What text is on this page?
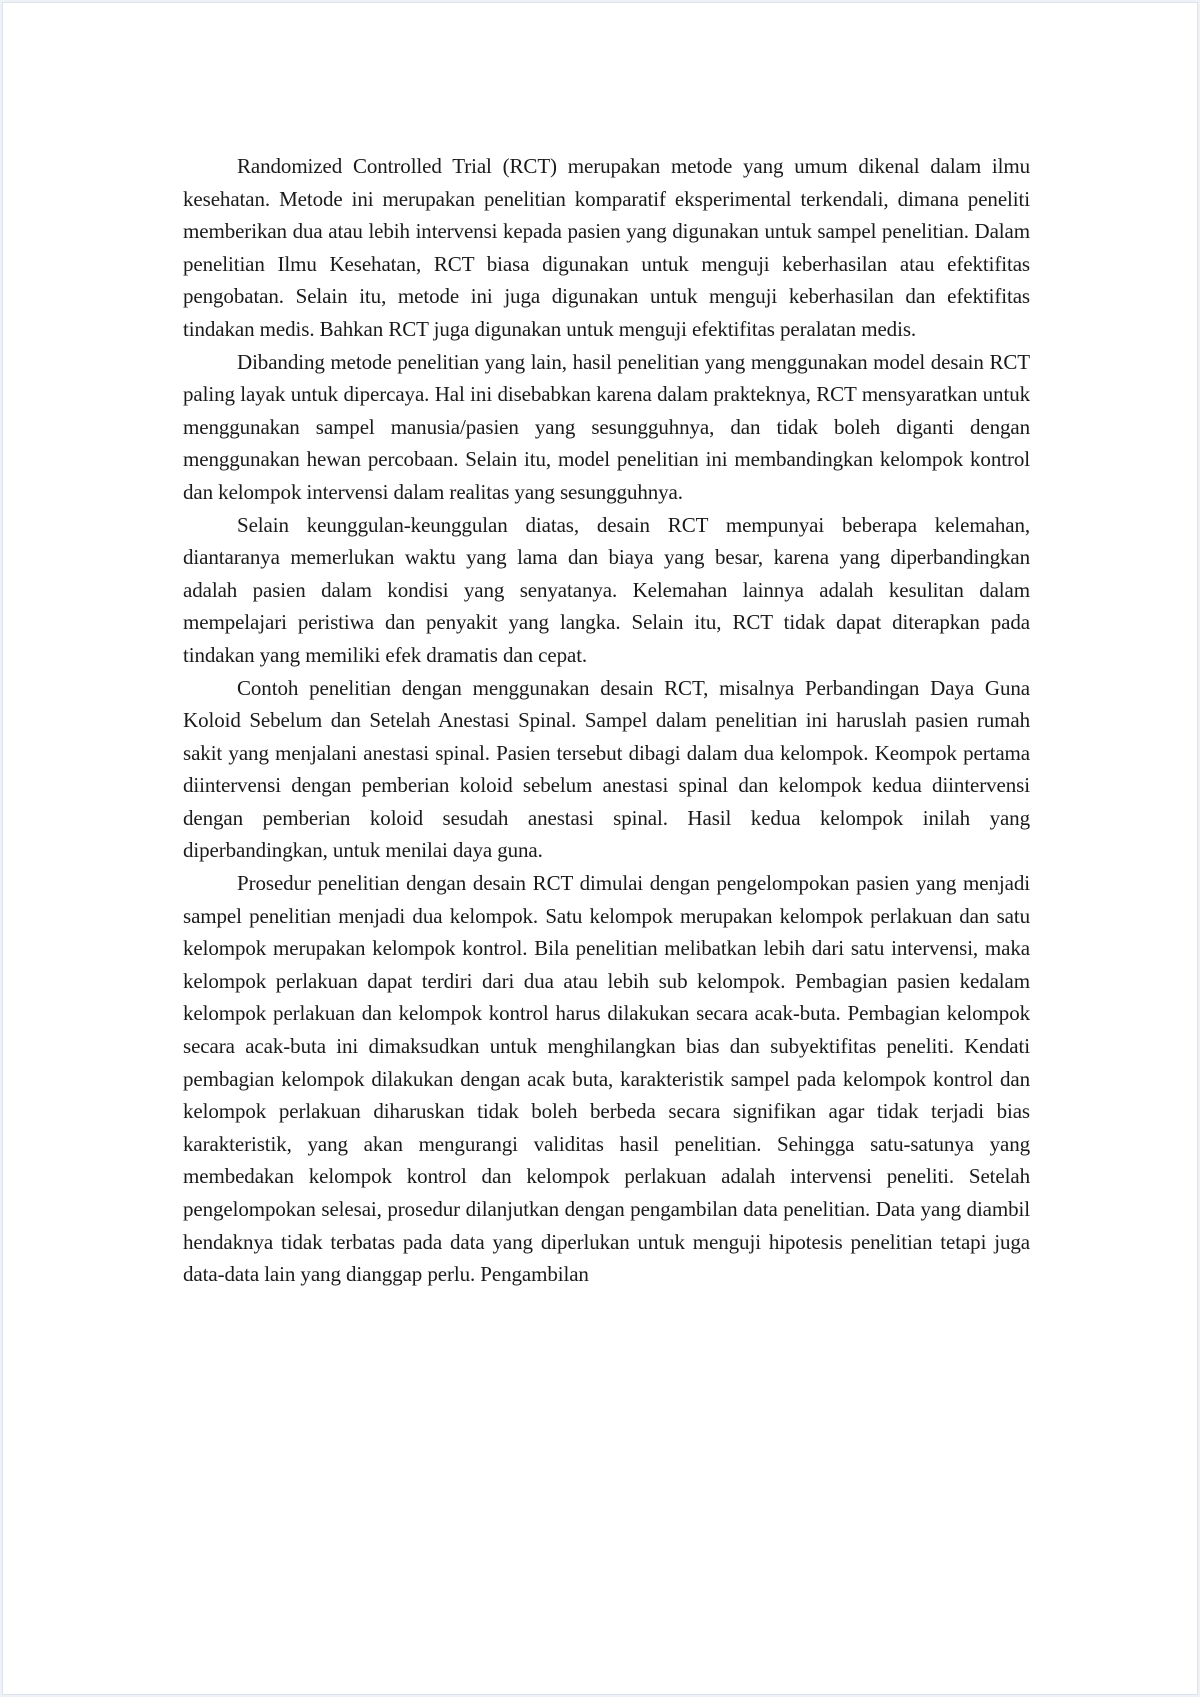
Randomized Controlled Trial (RCT) merupakan metode yang umum dikenal dalam ilmu kesehatan. Metode ini merupakan penelitian komparatif eksperimental terkendali, dimana peneliti memberikan dua atau lebih intervensi kepada pasien yang digunakan untuk sampel penelitian. Dalam penelitian Ilmu Kesehatan, RCT biasa digunakan untuk menguji keberhasilan atau efektifitas pengobatan. Selain itu, metode ini juga digunakan untuk menguji keberhasilan dan efektifitas tindakan medis. Bahkan RCT juga digunakan untuk menguji efektifitas peralatan medis.

Dibanding metode penelitian yang lain, hasil penelitian yang menggunakan model desain RCT paling layak untuk dipercaya. Hal ini disebabkan karena dalam prakteknya, RCT mensyaratkan untuk menggunakan sampel manusia/pasien yang sesungguhnya, dan tidak boleh diganti dengan menggunakan hewan percobaan. Selain itu, model penelitian ini membandingkan kelompok kontrol dan kelompok intervensi dalam realitas yang sesungguhnya.

Selain keunggulan-keunggulan diatas, desain RCT mempunyai beberapa kelemahan, diantaranya memerlukan waktu yang lama dan biaya yang besar, karena yang diperbandingkan adalah pasien dalam kondisi yang senyatanya. Kelemahan lainnya adalah kesulitan dalam mempelajari peristiwa dan penyakit yang langka. Selain itu, RCT tidak dapat diterapkan pada tindakan yang memiliki efek dramatis dan cepat.

Contoh penelitian dengan menggunakan desain RCT, misalnya Perbandingan Daya Guna Koloid Sebelum dan Setelah Anestasi Spinal. Sampel dalam penelitian ini haruslah pasien rumah sakit yang menjalani anestasi spinal. Pasien tersebut dibagi dalam dua kelompok. Keompok pertama diintervensi dengan pemberian koloid sebelum anestasi spinal dan kelompok kedua diintervensi dengan pemberian koloid sesudah anestasi spinal. Hasil kedua kelompok inilah yang diperbandingkan, untuk menilai daya guna.

Prosedur penelitian dengan desain RCT dimulai dengan pengelompokan pasien yang menjadi sampel penelitian menjadi dua kelompok. Satu kelompok merupakan kelompok perlakuan dan satu kelompok merupakan kelompok kontrol. Bila penelitian melibatkan lebih dari satu intervensi, maka kelompok perlakuan dapat terdiri dari dua atau lebih sub kelompok. Pembagian pasien kedalam kelompok perlakuan dan kelompok kontrol harus dilakukan secara acak-buta. Pembagian kelompok secara acak-buta ini dimaksudkan untuk menghilangkan bias dan subyektifitas peneliti. Kendati pembagian kelompok dilakukan dengan acak buta, karakteristik sampel pada kelompok kontrol dan kelompok perlakuan diharuskan tidak boleh berbeda secara signifikan agar tidak terjadi bias karakteristik, yang akan mengurangi validitas hasil penelitian. Sehingga satu-satunya yang membedakan kelompok kontrol dan kelompok perlakuan adalah intervensi peneliti. Setelah pengelompokan selesai, prosedur dilanjutkan dengan pengambilan data penelitian. Data yang diambil hendaknya tidak terbatas pada data yang diperlukan untuk menguji hipotesis penelitian tetapi juga data-data lain yang dianggap perlu. Pengambilan
